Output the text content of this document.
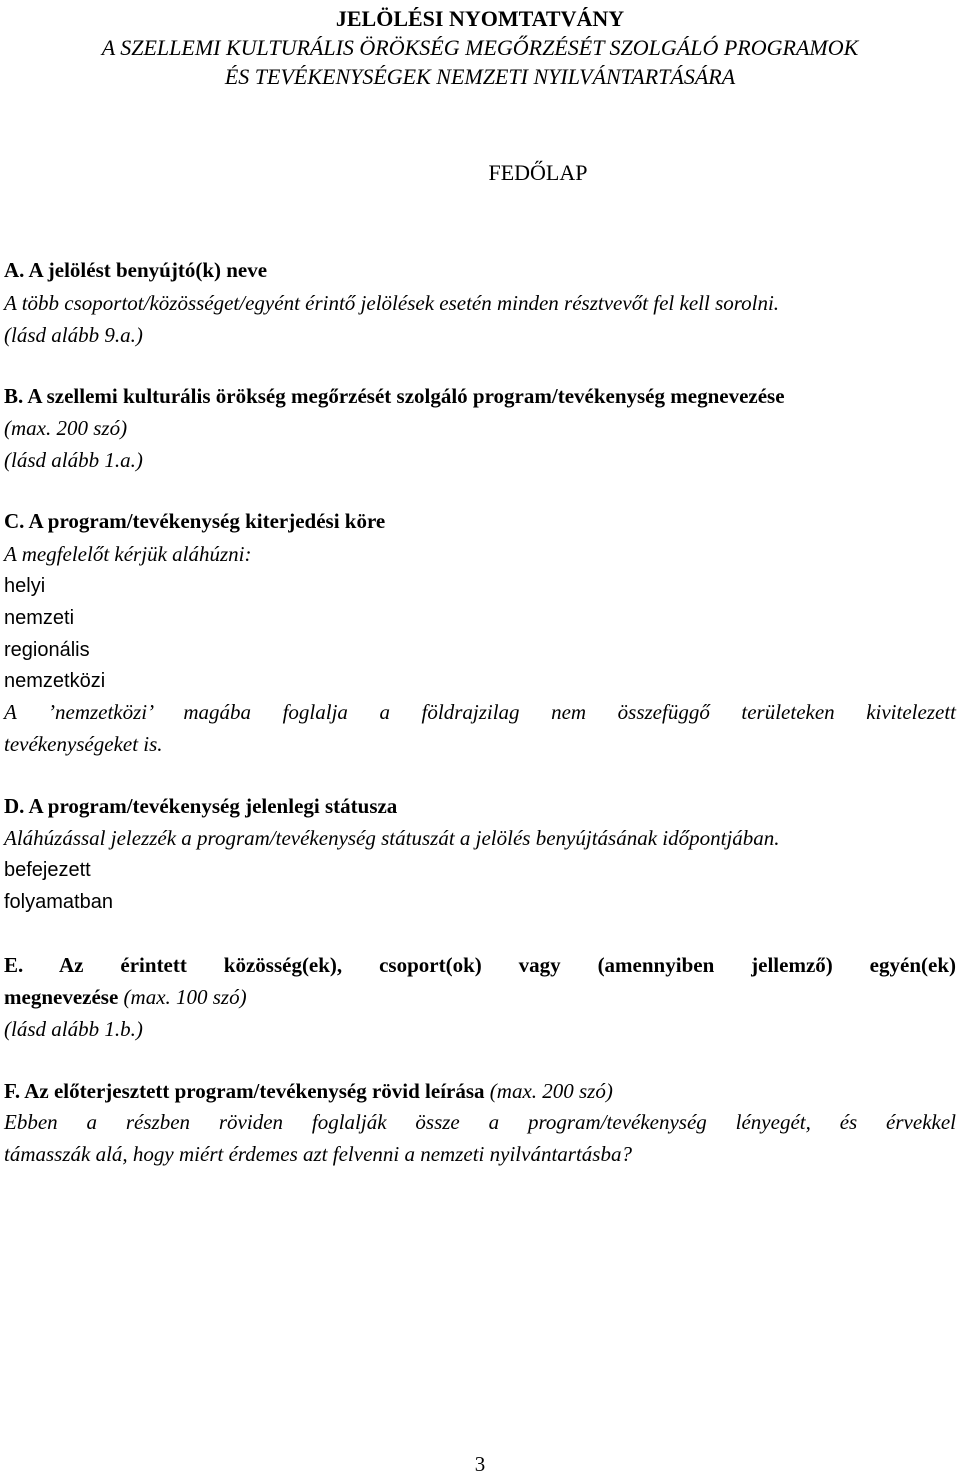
JELÖLÉSI NYOMTATVÁNY
A SZELLEMI KULTURÁLIS ÖRÖKSÉG MEGŐRZÉSÉT SZOLGÁLÓ PROGRAMOK
ÉS TEVÉKENYSÉGEK NEMZETI NYILVÁNTARTÁSÁRA
FEDŐLAP
A. A jelölést benyújtó(k) neve
A több csoportot/közösséget/egyént érintő jelölések esetén minden résztvevőt fel kell sorolni.
(lásd alább 9.a.)
B. A szellemi kulturális örökség megőrzését szolgáló program/tevékenység megnevezése
(max. 200 szó)
(lásd alább 1.a.)
C. A program/tevékenység kiterjedési köre
A megfelelőt kérjük aláhúzni:
helyi
nemzeti
regionális
nemzetközi
A ’nemzetközi’ magába foglalja a földrajzilag nem összefüggő területeken kivitelezett
tevékenységeket is.
D. A program/tevékenység jelenlegi státusza
Aláhúzással jelezzék a program/tevékenység státuszát a jelölés benyújtásának időpontjában.
befejezett
folyamatban
E. Az érintett közösség(ek), csoport(ok) vagy (amennyiben jellemző) egyén(ek)
megnevezése (max. 100 szó)
(lásd alább 1.b.)
F. Az előterjesztett program/tevékenység rövid leírása (max. 200 szó)
Ebben a részben röviden foglalják össze a program/tevékenység lényegét, és érvekkel
támasszák alá, hogy miért érdemes azt felvenni a nemzeti nyilvántartásba?
3
